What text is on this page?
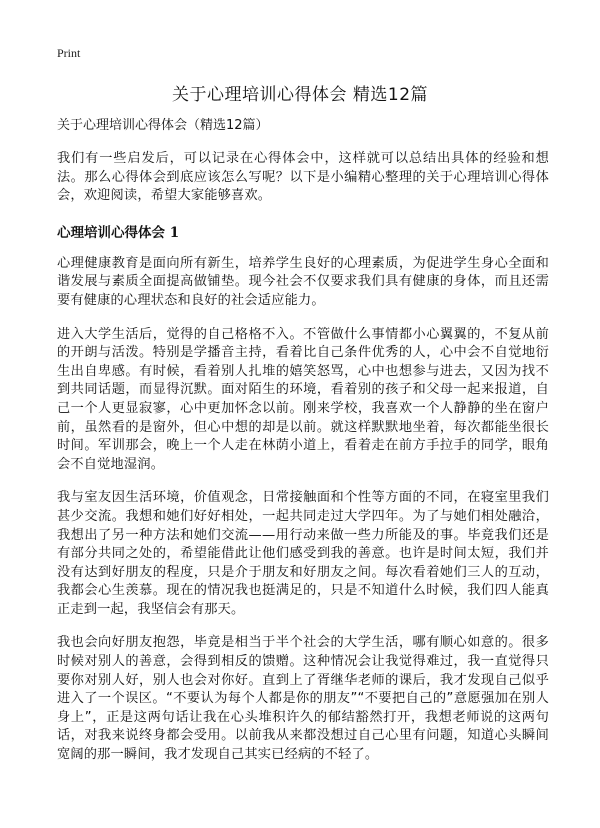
Print
关于心理培训心得体会 精选12篇

关于心理培训心得体会（精选12篇）

我们有一些启发后，可以记录在心得体会中，这样就可以总结出具体的经验和想法。那么心得体会到底应该怎么写呢？以下是小编精心整理的关于心理培训心得体会，欢迎阅读，希望大家能够喜欢。

心理培训心得体会 1

心理健康教育是面向所有新生，培养学生良好的心理素质，为促进学生身心全面和谐发展与素质全面提高做铺垫。现今社会不仅要求我们具有健康的身体，而且还需要有健康的心理状态和良好的社会适应能力。

进入大学生活后，觉得的自己格格不入。不管做什么事情都小心翼翼的，不复从前的开朗与活泼。特别是学播音主持，看着比自己条件优秀的人，心中会不自觉地衍生出自卑感。有时候，看着别人扎堆的嬉笑怒骂，心中也想参与进去，又因为找不到共同话题，而显得沉默。面对陌生的环境，看着别的孩子和父母一起来报道，自己一个人更显寂寥，心中更加怀念以前。刚来学校，我喜欢一个人静静的坐在窗户前，虽然看的是窗外，但心中想的却是以前。就这样默默地坐着，每次都能坐很长时间。军训那会，晚上一个人走在林荫小道上，看着走在前方手拉手的同学，眼角会不自觉地湿润。

我与室友因生活环境，价值观念，日常接触面和个性等方面的不同，在寝室里我们甚少交流。我想和她们好好相处，一起共同走过大学四年。为了与她们相处融洽，我想出了另一种方法和她们交流——用行动来做一些力所能及的事。毕竟我们还是有部分共同之处的，希望能借此让他们感受到我的善意。也许是时间太短，我们并没有达到好朋友的程度，只是介于朋友和好朋友之间。每次看着她们三人的互动，我都会心生羡慕。现在的情况我也挺满足的，只是不知道什么时候，我们四人能真正走到一起，我坚信会有那天。

我也会向好朋友抱怨，毕竟是相当于半个社会的大学生活，哪有顺心如意的。很多时候对别人的善意，会得到相反的馈赠。这种情况会让我觉得难过，我一直觉得只要你对别人好，别人也会对你好。直到上了胥继华老师的课后，我才发现自己似乎进入了一个误区。“不要认为每个人都是你的朋友”“不要把自己的”意愿强加在别人身上”，正是这两句话让我在心头堆积许久的郁结豁然打开，我想老师说的这两句话，对我来说终身都会受用。以前我从来都没想过自己心里有问题，知道心头瞬间宽阔的那一瞬间，我才发现自己其实已经病的不轻了。
